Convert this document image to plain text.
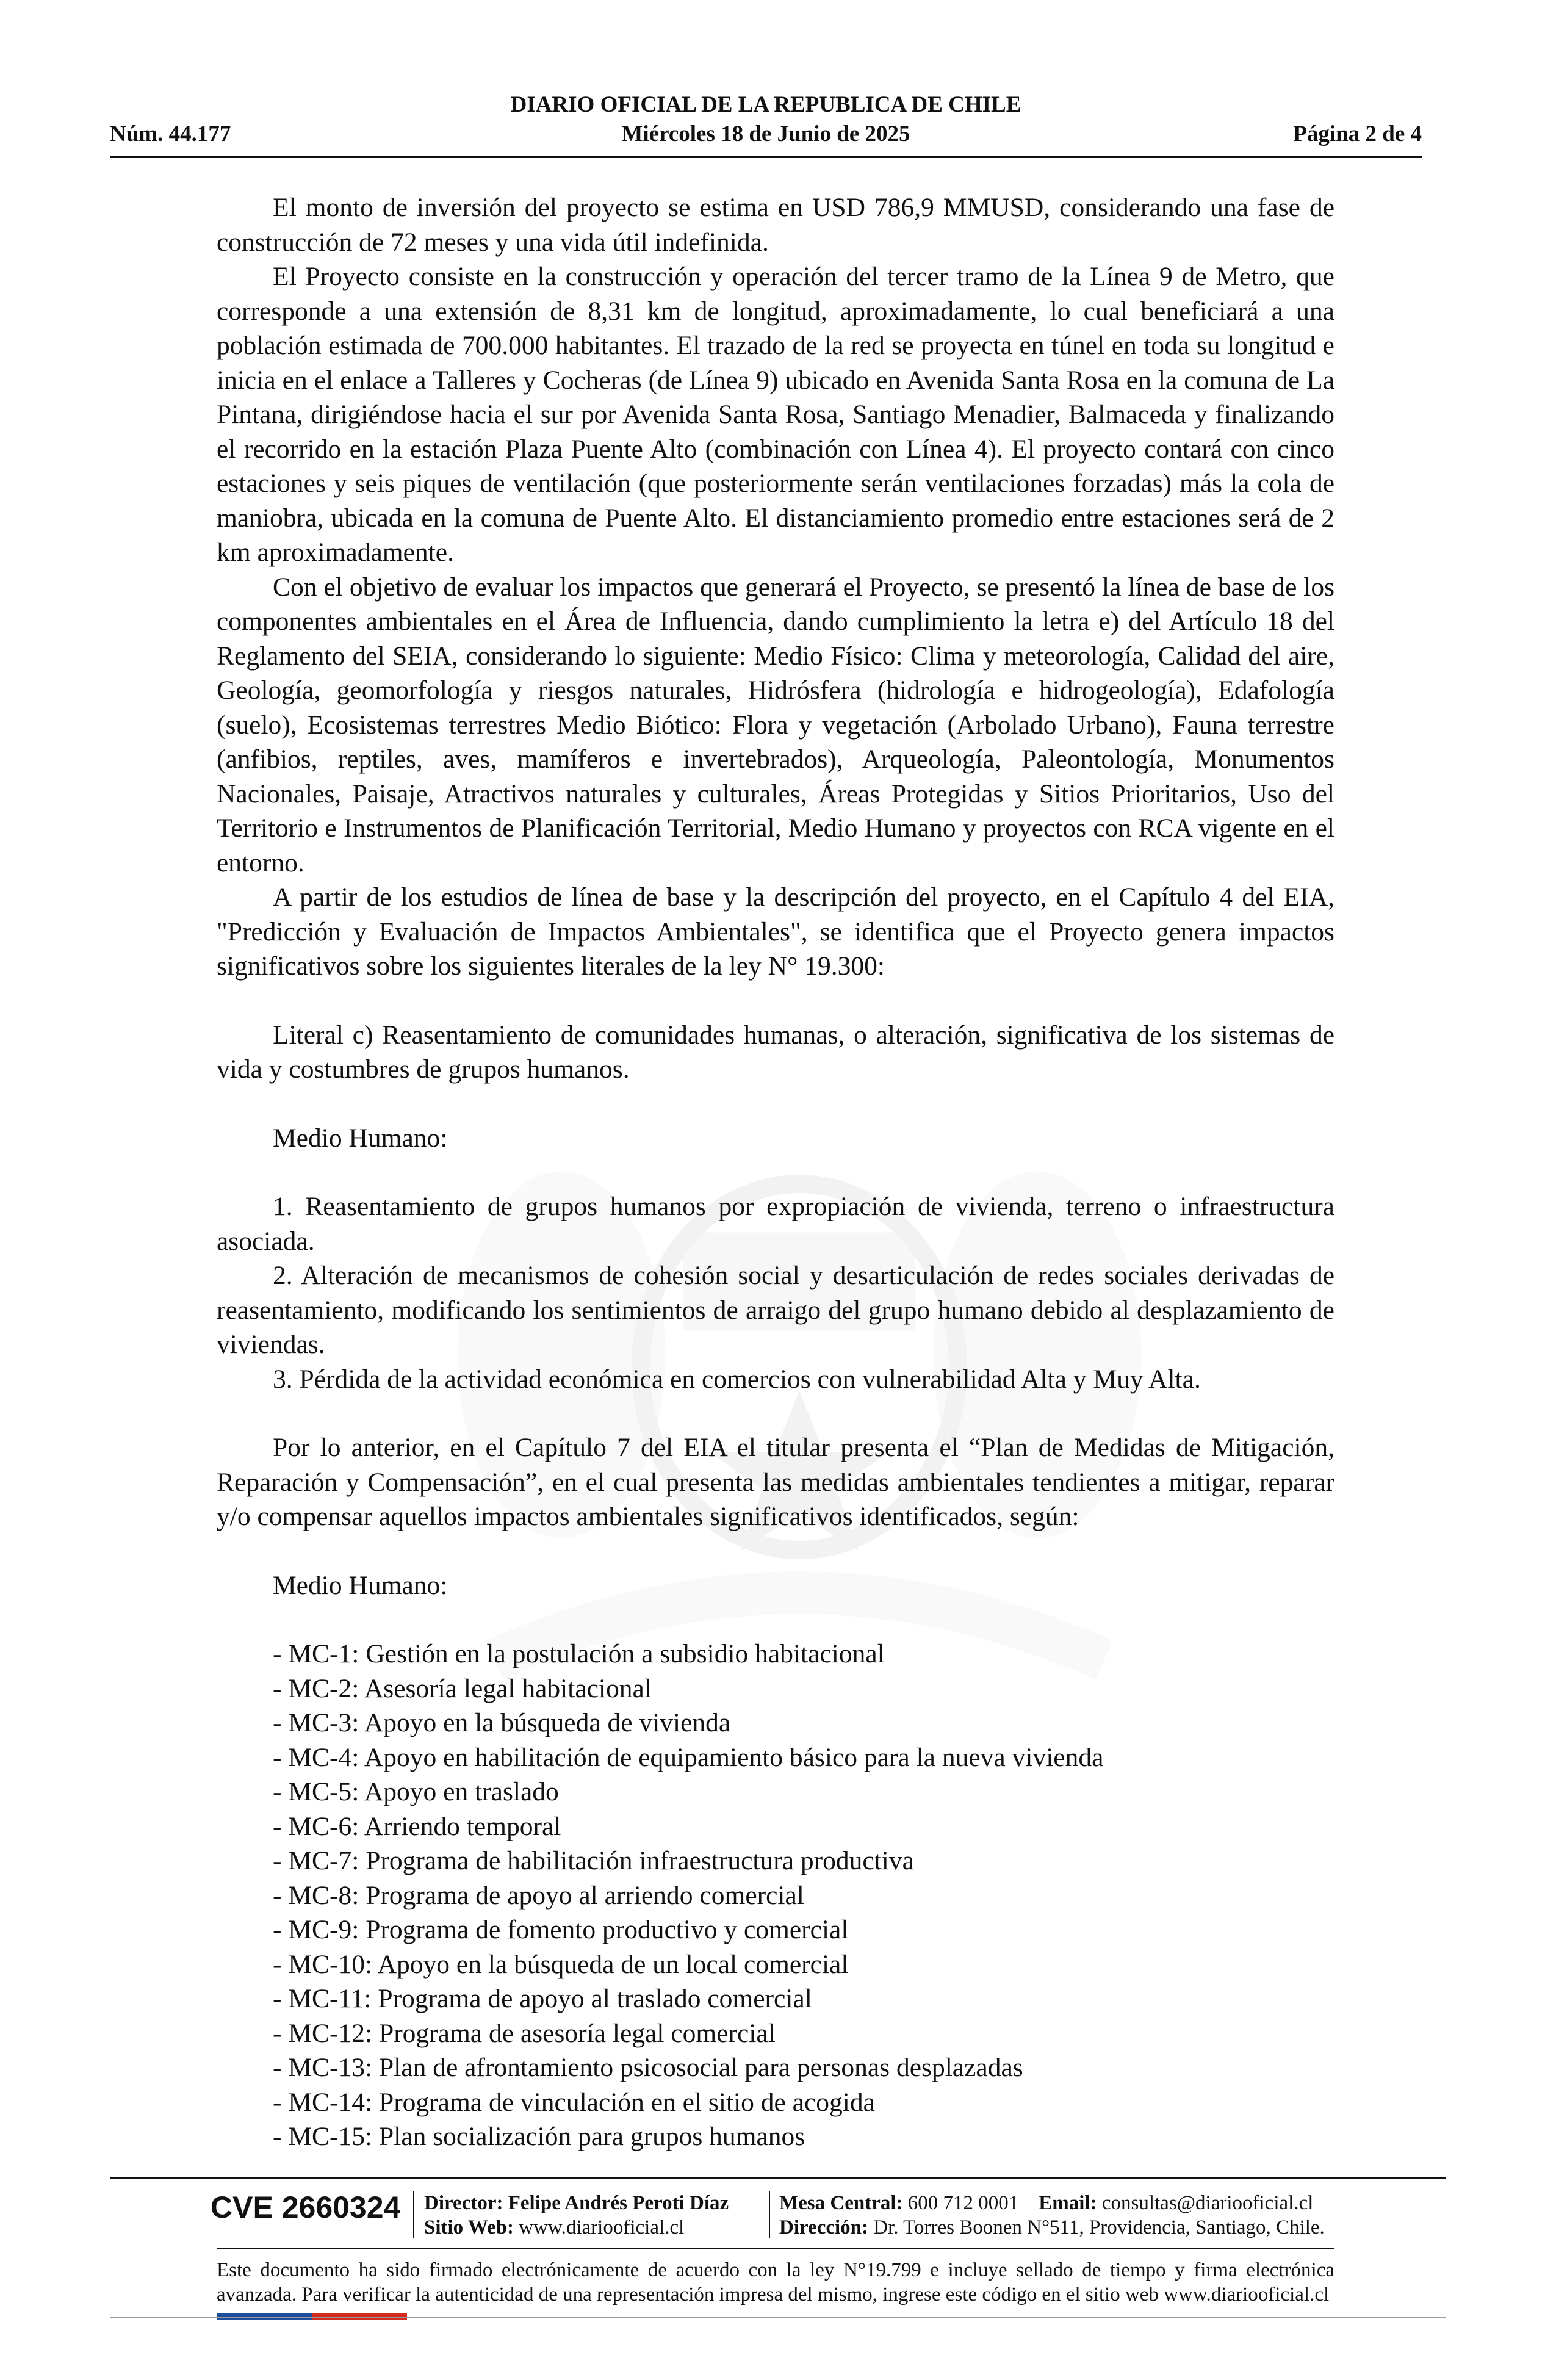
DIARIO OFICIAL DE LA REPUBLICA DE CHILE
Núm. 44.177	Miércoles 18 de Junio de 2025	Página 2 de 4

El monto de inversión del proyecto se estima en USD 786,9 MMUSD, considerando una fase de construcción de 72 meses y una vida útil indefinida.

El Proyecto consiste en la construcción y operación del tercer tramo de la Línea 9 de Metro, que corresponde a una extensión de 8,31 km de longitud, aproximadamente, lo cual beneficiará a una población estimada de 700.000 habitantes. El trazado de la red se proyecta en túnel en toda su longitud e inicia en el enlace a Talleres y Cocheras (de Línea 9) ubicado en Avenida Santa Rosa en la comuna de La Pintana, dirigiéndose hacia el sur por Avenida Santa Rosa, Santiago Menadier, Balmaceda y finalizando el recorrido en la estación Plaza Puente Alto (combinación con Línea 4). El proyecto contará con cinco estaciones y seis piques de ventilación (que posteriormente serán ventilaciones forzadas) más la cola de maniobra, ubicada en la comuna de Puente Alto. El distanciamiento promedio entre estaciones será de 2 km aproximadamente.

Con el objetivo de evaluar los impactos que generará el Proyecto, se presentó la línea de base de los componentes ambientales en el Área de Influencia, dando cumplimiento la letra e) del Artículo 18 del Reglamento del SEIA, considerando lo siguiente: Medio Físico: Clima y meteorología, Calidad del aire, Geología, geomorfología y riesgos naturales, Hidrósfera (hidrología e hidrogeología), Edafología (suelo), Ecosistemas terrestres Medio Biótico: Flora y vegetación (Arbolado Urbano), Fauna terrestre (anfibios, reptiles, aves, mamíferos e invertebrados), Arqueología, Paleontología, Monumentos Nacionales, Paisaje, Atractivos naturales y culturales, Áreas Protegidas y Sitios Prioritarios, Uso del Territorio e Instrumentos de Planificación Territorial, Medio Humano y proyectos con RCA vigente en el entorno.

A partir de los estudios de línea de base y la descripción del proyecto, en el Capítulo 4 del EIA, "Predicción y Evaluación de Impactos Ambientales", se identifica que el Proyecto genera impactos significativos sobre los siguientes literales de la ley N° 19.300:

Literal c) Reasentamiento de comunidades humanas, o alteración, significativa de los sistemas de vida y costumbres de grupos humanos.

Medio Humano:

1. Reasentamiento de grupos humanos por expropiación de vivienda, terreno o infraestructura asociada.

2. Alteración de mecanismos de cohesión social y desarticulación de redes sociales derivadas de reasentamiento, modificando los sentimientos de arraigo del grupo humano debido al desplazamiento de viviendas.

3. Pérdida de la actividad económica en comercios con vulnerabilidad Alta y Muy Alta.

Por lo anterior, en el Capítulo 7 del EIA el titular presenta el “Plan de Medidas de Mitigación, Reparación y Compensación”, en el cual presenta las medidas ambientales tendientes a mitigar, reparar y/o compensar aquellos impactos ambientales significativos identificados, según:

Medio Humano:

- MC-1: Gestión en la postulación a subsidio habitacional
- MC-2: Asesoría legal habitacional
- MC-3: Apoyo en la búsqueda de vivienda
- MC-4: Apoyo en habilitación de equipamiento básico para la nueva vivienda
- MC-5: Apoyo en traslado
- MC-6: Arriendo temporal
- MC-7: Programa de habilitación infraestructura productiva
- MC-8: Programa de apoyo al arriendo comercial
- MC-9: Programa de fomento productivo y comercial
- MC-10: Apoyo en la búsqueda de un local comercial
- MC-11: Programa de apoyo al traslado comercial
- MC-12: Programa de asesoría legal comercial
- MC-13: Plan de afrontamiento psicosocial para personas desplazadas
- MC-14: Programa de vinculación en el sitio de acogida
- MC-15: Plan socialización para grupos humanos
CVE 2660324 Director: Felipe Andrés Peroti Díaz
Sitio Web: www.diariooficial.cl
Mesa Central: 600 712 0001 Email: consultas@diariooficial.cl
Dirección: Dr. Torres Boonen N°511, Providencia, Santiago, Chile.
Este documento ha sido firmado electrónicamente de acuerdo con la ley N°19.799 e incluye sellado de tiempo y firma electrónica avanzada. Para verificar la autenticidad de una representación impresa del mismo, ingrese este código en el sitio web www.diariooficial.cl
